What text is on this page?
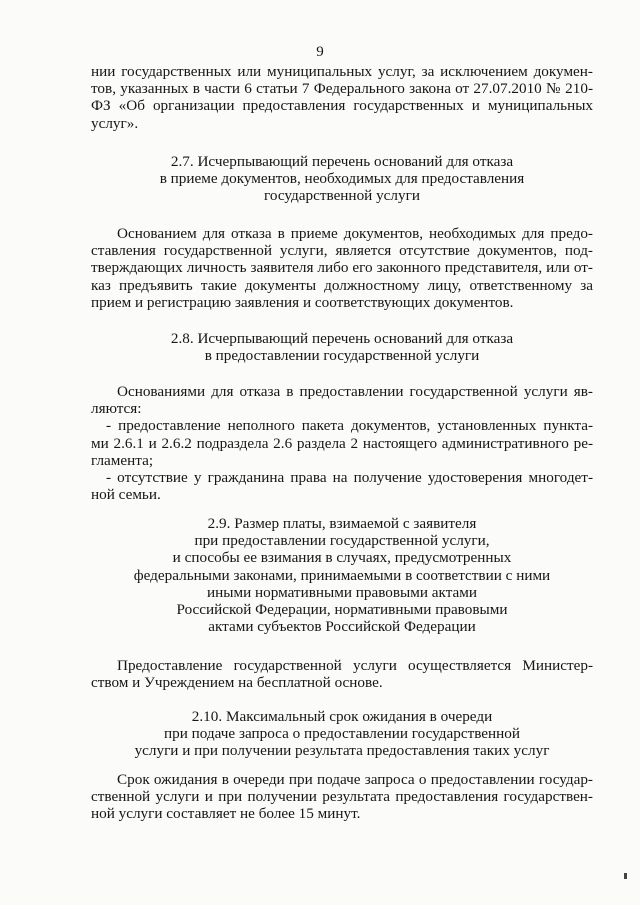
9
нии государственных или муниципальных услуг, за исключением докумен-
тов, указанных в части 6 статьи 7 Федерального закона от 27.07.2010 № 210-
ФЗ «Об организации предоставления государственных и муниципальных
услуг».
2.7. Исчерпывающий перечень оснований для отказа
в приеме документов, необходимых для предоставления
государственной услуги
Основанием для отказа в приеме документов, необходимых для предо-
ставления государственной услуги, является отсутствие документов, под-
тверждающих личность заявителя либо его законного представителя, или от-
каз предъявить такие документы должностному лицу, ответственному за
прием и регистрацию заявления и соответствующих документов.
2.8. Исчерпывающий перечень оснований для отказа
в предоставлении государственной услуги
Основаниями для отказа в предоставлении государственной услуги яв-
ляются:
- предоставление неполного пакета документов, установленных пункта-
ми 2.6.1 и 2.6.2 подраздела 2.6 раздела 2 настоящего административного ре-
гламента;
- отсутствие у гражданина права на получение удостоверения многодет-
ной семьи.
2.9. Размер платы, взимаемой с заявителя
при предоставлении государственной услуги,
и способы ее взимания в случаях, предусмотренных
федеральными законами, принимаемыми в соответствии с ними
иными нормативными правовыми актами
Российской Федерации, нормативными правовыми
актами субъектов Российской Федерации
Предоставление государственной услуги осуществляется Министер-
ством и Учреждением на бесплатной основе.
2.10. Максимальный срок ожидания в очереди
при подаче запроса о предоставлении государственной
услуги и при получении результата предоставления таких услуг
Срок ожидания в очереди при подаче запроса о предоставлении государ-
ственной услуги и при получении результата предоставления государствен-
ной услуги составляет не более 15 минут.
